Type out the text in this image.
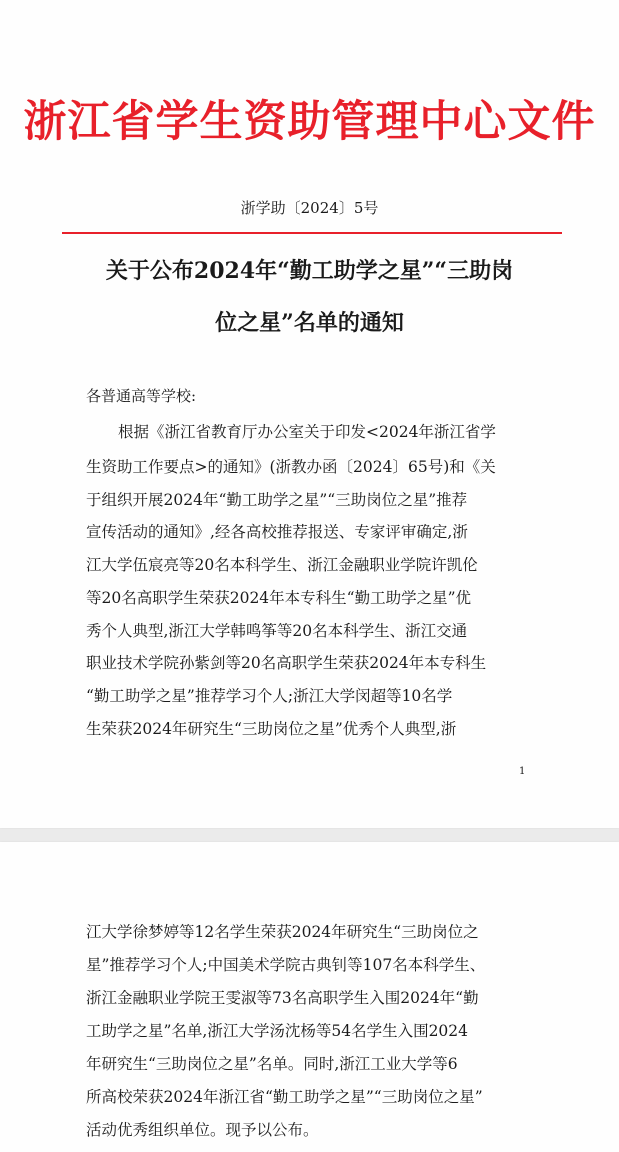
浙江省学生资助管理中心文件
浙学助〔2024〕5号
关于公布2024年“勤工助学之星”“三助岗
位之星”名单的通知
各普通高等学校:
根据《浙江省教育厅办公室关于印发<2024年浙江省学
生资助工作要点>的通知》(浙教办函〔2024〕65号)和《关
于组织开展2024年“勤工助学之星”“三助岗位之星”推荐
宣传活动的通知》,经各高校推荐报送、专家评审确定,浙
江大学伍宸亮等20名本科学生、浙江金融职业学院许凯伦
等20名高职学生荣获2024年本专科生“勤工助学之星”优
秀个人典型,浙江大学韩鸣筝等20名本科学生、浙江交通
职业技术学院孙紫剑等20名高职学生荣获2024年本专科生
“勤工助学之星”推荐学习个人;浙江大学闵超等10名学
生荣获2024年研究生“三助岗位之星”优秀个人典型,浙
1
江大学徐梦婷等12名学生荣获2024年研究生“三助岗位之
星”推荐学习个人;中国美术学院古典钊等107名本科学生、
浙江金融职业学院王雯淑等73名高职学生入围2024年“勤
工助学之星”名单,浙江大学汤沈杨等54名学生入围2024
年研究生“三助岗位之星”名单。同时,浙江工业大学等6
所高校荣获2024年浙江省“勤工助学之星”“三助岗位之星”
活动优秀组织单位。现予以公布。
